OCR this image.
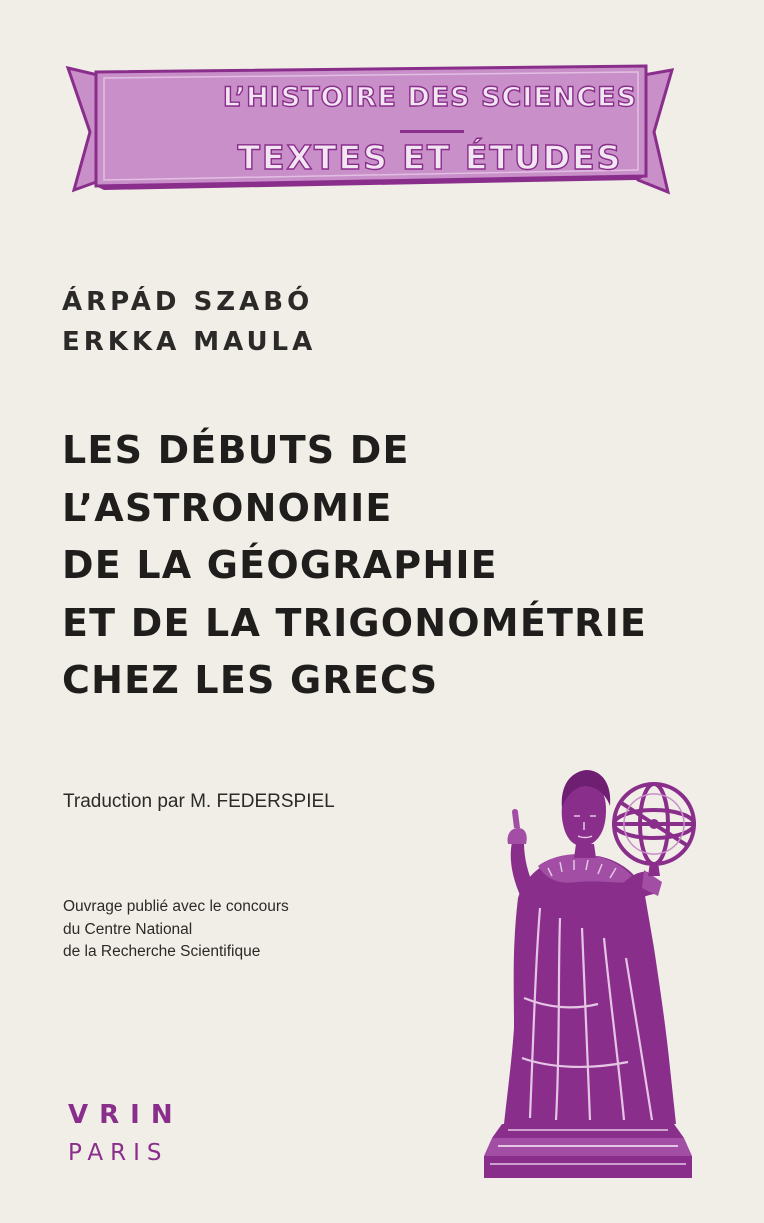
L’HISTOIRE DES SCIENCES
TEXTES ET ÉTUDES
ÁRPÁD SZABÓ
ERKKA MAULA
LES DÉBUTS DE
L’ASTRONOMIE
DE LA GÉOGRAPHIE
ET DE LA TRIGONOMÉTRIE
CHEZ LES GRECS
Traduction par M. FEDERSPIEL
Ouvrage publié avec le concours
du Centre National
de la Recherche Scientifique
VRIN
PARIS
